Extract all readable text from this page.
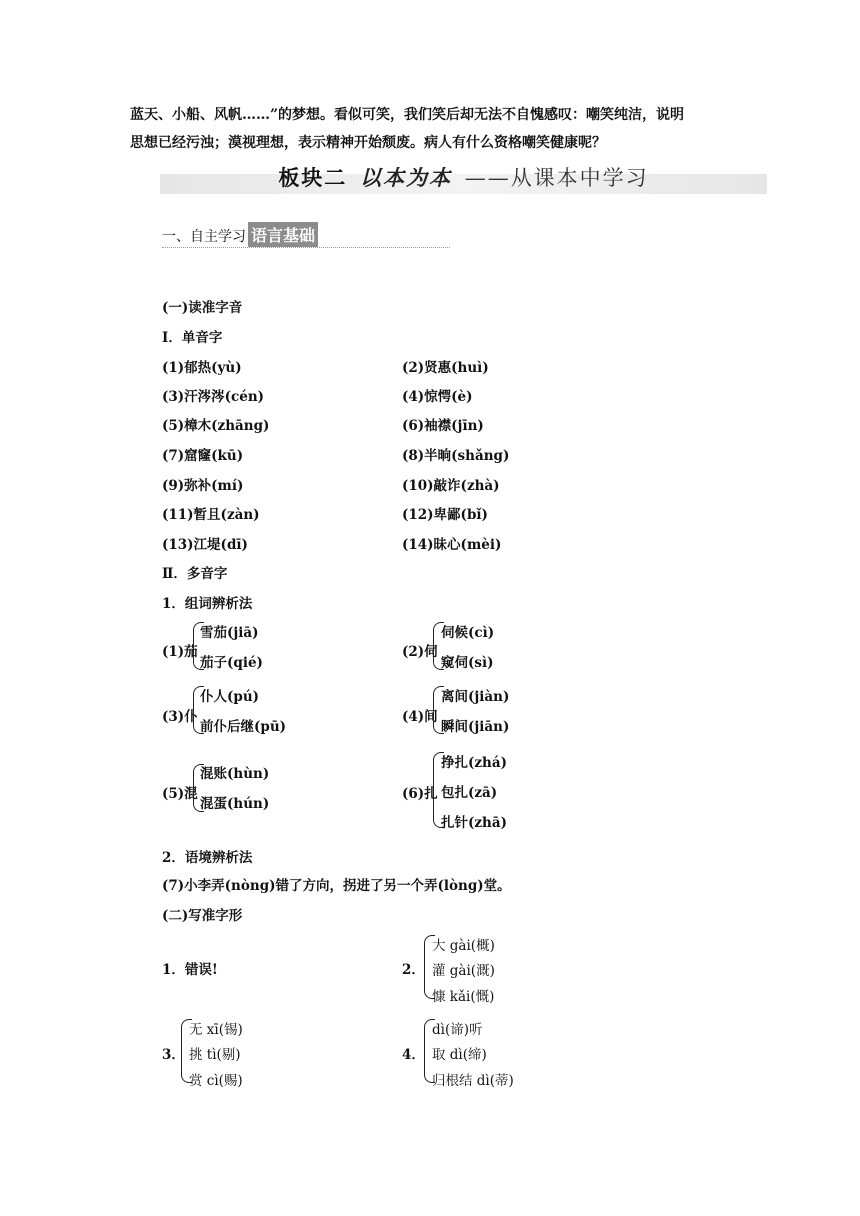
蓝天、小船、风帆……”的梦想。看似可笑，我们笑后却无法不自愧感叹：嘲笑纯洁，说明
思想已经污浊；漠视理想，表示精神开始颓废。病人有什么资格嘲笑健康呢？
板块二 以本为本 ——从课本中学习
一、自主学习 语言基础
(一)读准字音
Ⅰ．单音字
(1)郁热(yù)	(2)贤惠(huì)
(3)汗涔涔(cén)	(4)惊愕(è)
(5)樟木(zhāng)	(6)袖襟(jīn)
(7)窟窿(kū)	(8)半晌(shǎng)
(9)弥补(mí)	(10)敲诈(zhà)
(11)暂且(zàn)	(12)卑鄙(bǐ)
(13)江堤(dī)	(14)昧心(mèi)
Ⅱ．多音字
1．组词辨析法
(1)茄
雪茄(jiā)
茄子(qié)
(2)伺
伺候(cì)
窥伺(sì)
(3)仆
仆人(pú)
前仆后继(pū)
(4)间
离间(jiàn)
瞬间(jiān)
(5)混
混账(hùn)
混蛋(hún)
(6)扎
挣扎(zhá)
包扎(zā)
扎针(zhā)
2．语境辨析法
(7)小李弄(nòng)错了方向，拐进了另一个弄(lònɡ)堂。
(二)写准字形
1．错误!	2．
大 gài(概)
灌 gài(溉)
慷 kǎi(慨)
3．
无 xī(锡)
挑 tì(剔)
赏 cì(赐)
4．
dì(谛)听
取 dì(缔)
归根结 dì(蒂)
